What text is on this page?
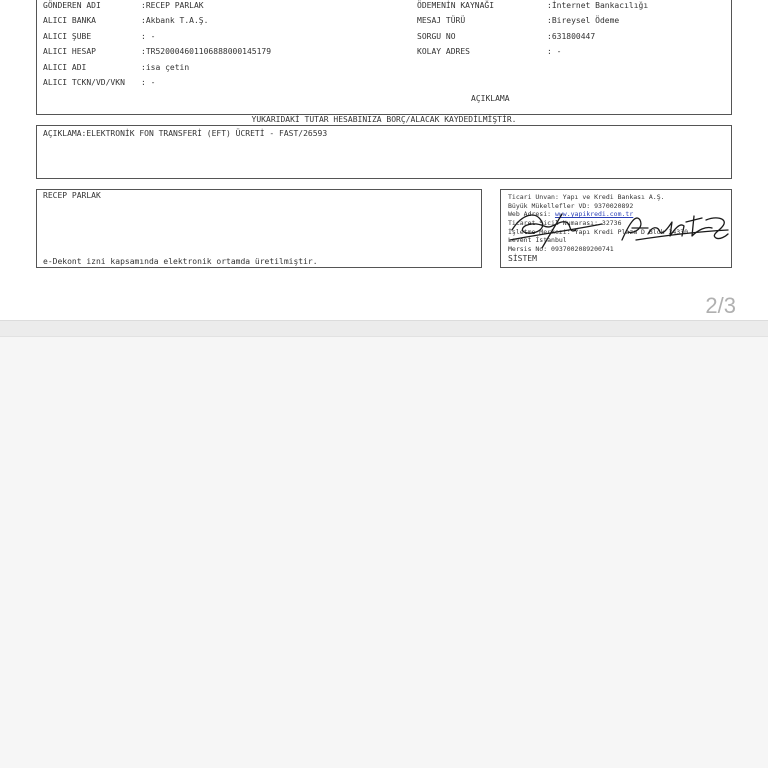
GÖNDEREN ADI	:RECEP PARLAK
ALICI BANKA	:Akbank T.A.Ş.
ALICI ŞUBE	: -
ALICI HESAP	:TR520004601106888000145179
ALICI ADI	:isa çetin
ALICI TCKN/VD/VKN : -
ÖDEMENİN KAYNAĞI	:İnternet Bankacılığı
MESAJ TÜRÜ	:Bireysel Ödeme
SORGU NO	:631800447
KOLAY ADRES	: -
AÇIKLAMA
YUKARIDAKİ TUTAR HESABINIZA BORÇ/ALACAK KAYDEDİLMİŞTİR.
AÇIKLAMA:ELEKTRONİK FON TRANSFERİ (EFT) ÜCRETİ - FAST/26593
RECEP PARLAK
e-Dekont izni kapsamında elektronik ortamda üretilmiştir.
Ticari Unvan: Yapı ve Kredi Bankası A.Ş.
Büyük Mükellefler VD: 9370020892
Web Adresi: www.yapikredi.com.tr
Ticaret Sicil Numarası: 32736
İşletme Merkezi: Yapı Kredi Plaza D Blok 34330
Levent İstanbul
Mersis No: 0937002089200741
SİSTEM
2/3
